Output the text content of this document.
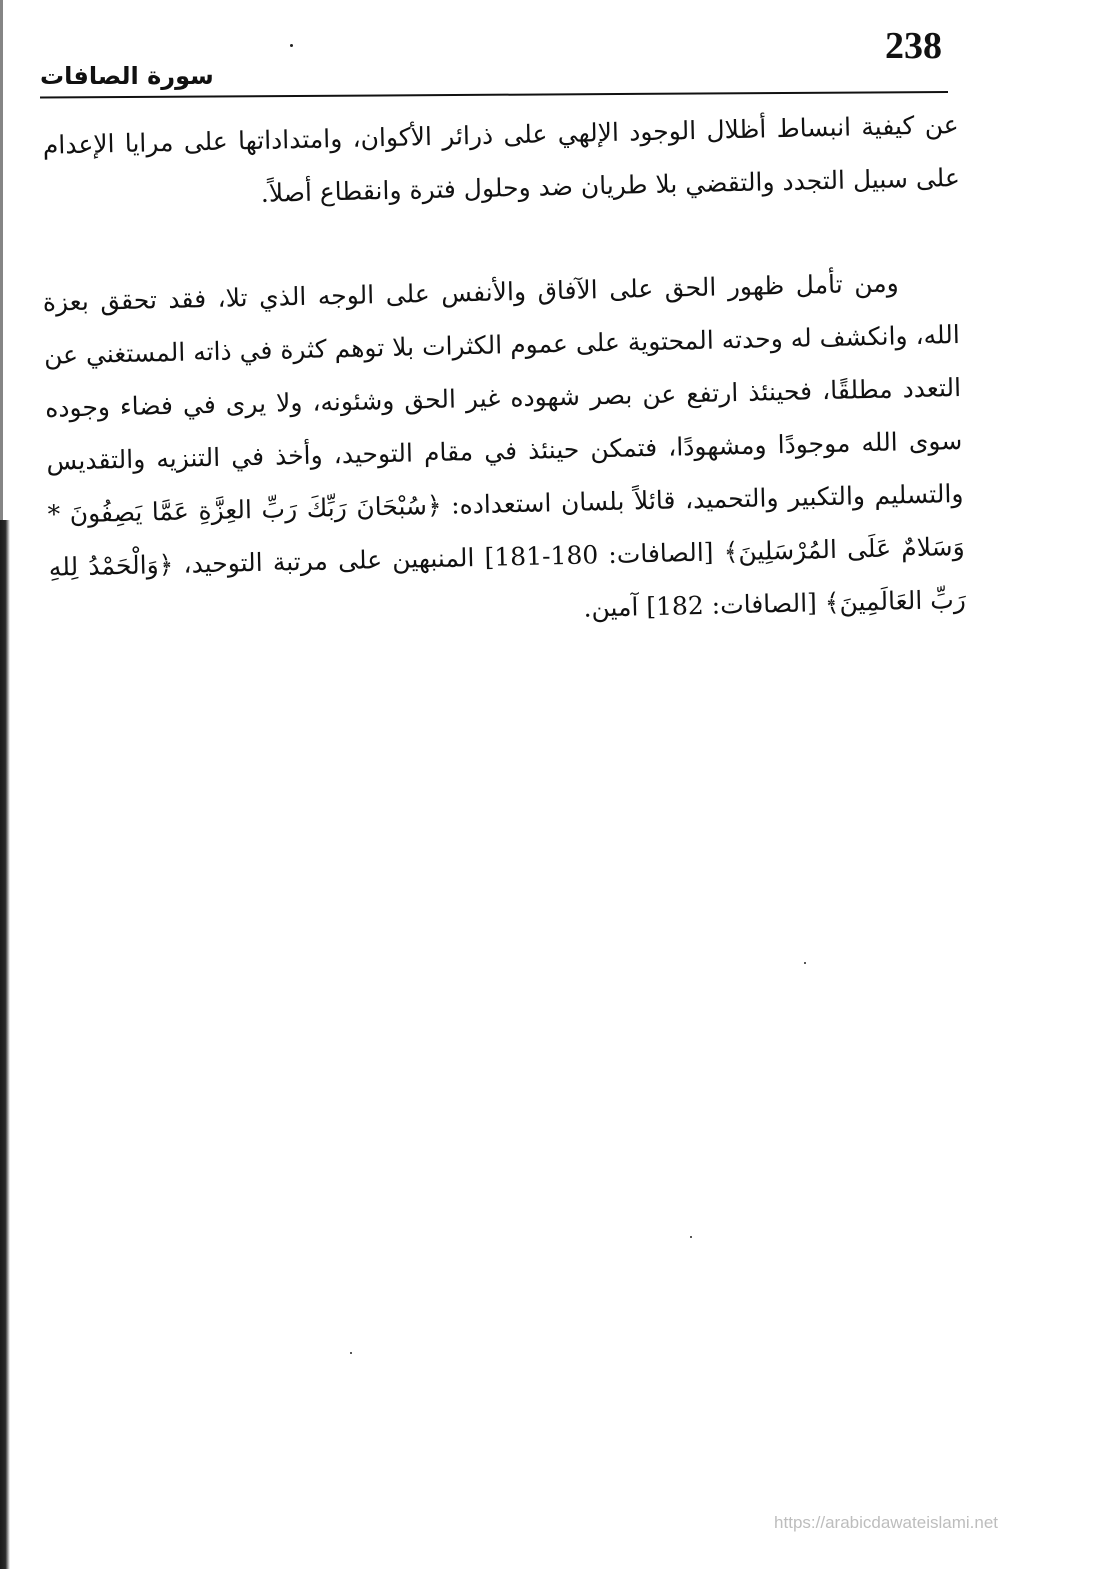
238
سورة الصافات
عن كيفية انبساط أظلال الوجود الإلهي على ذرائر الأكوان، وامتداداتها على مرايا الإعدام على سبيل التجدد والتقضي بلا طريان ضد وحلول فترة وانقطاع أصلاً.
ومن تأمل ظهور الحق على الآفاق والأنفس على الوجه الذي تلا، فقد تحقق بعزة الله، وانكشف له وحدته المحتوية على عموم الكثرات بلا توهم كثرة في ذاته المستغني عن التعدد مطلقًا، فحينئذ ارتفع عن بصر شهوده غير الحق وشئونه، ولا يرى في فضاء وجوده سوى الله موجودًا ومشهودًا، فتمكن حينئذ في مقام التوحيد، وأخذ في التنزيه والتقديس والتسليم والتكبير والتحميد، قائلاً بلسان استعداده: ﴿سُبْحَانَ رَبِّكَ رَبِّ العِزَّةِ عَمَّا يَصِفُونَ * وَسَلامٌ عَلَى المُرْسَلِينَ﴾ [الصافات: 180-181] المنبهين على مرتبة التوحيد، ﴿وَالْحَمْدُ لِلهِ رَبِّ العَالَمِينَ﴾ [الصافات: 182] آمين.
https://arabicdawateislami.net
